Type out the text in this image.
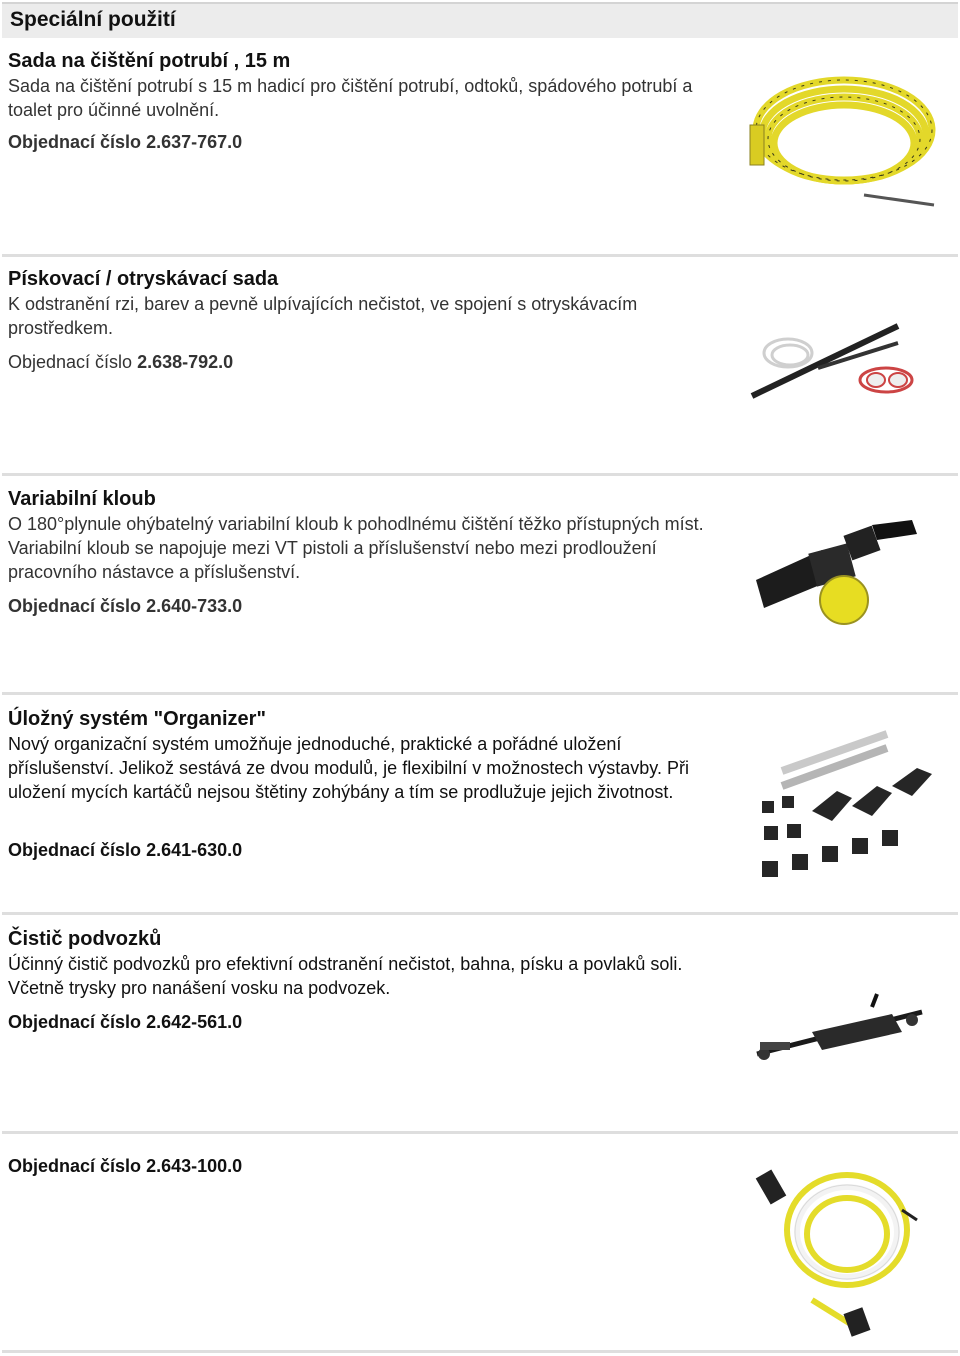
Speciální použití

Sada na čištění potrubí , 15 m

Sada na čištění potrubí s 15 m hadicí pro čištění potrubí, odtoků, spádového potrubí a toalet pro účinné uvolnění.

Objednací číslo 2.637-767.0

Pískovací / otryskávací sada

K odstranění rzi, barev a pevně ulpívajících nečistot, ve spojení s otryskávacím prostředkem.

Objednací číslo 2.638-792.0

Variabilní kloub

O 180°plynule ohýbatelný variabilní kloub k pohodlnému čištění těžko přístupných míst. Variabilní kloub se napojuje mezi VT pistoli a příslušenství nebo mezi prodloužení pracovního nástavce a příslušenství.

Objednací číslo 2.640-733.0

Úložný systém "Organizer"

Nový organizační systém umožňuje jednoduché, praktické a pořádné uložení příslušenství. Jelikož sestává ze dvou modulů, je flexibilní v možnostech výstavby. Při uložení mycích kartáčů nejsou štětiny zohýbány a tím se prodlužuje jejich životnost.

Objednací číslo 2.641-630.0

Čistič podvozků

Účinný čistič podvozků pro efektivní odstranění nečistot, bahna, písku a povlaků soli. Včetně trysky pro nanášení vosku na podvozek.

Objednací číslo 2.642-561.0

Objednací číslo 2.643-100.0
